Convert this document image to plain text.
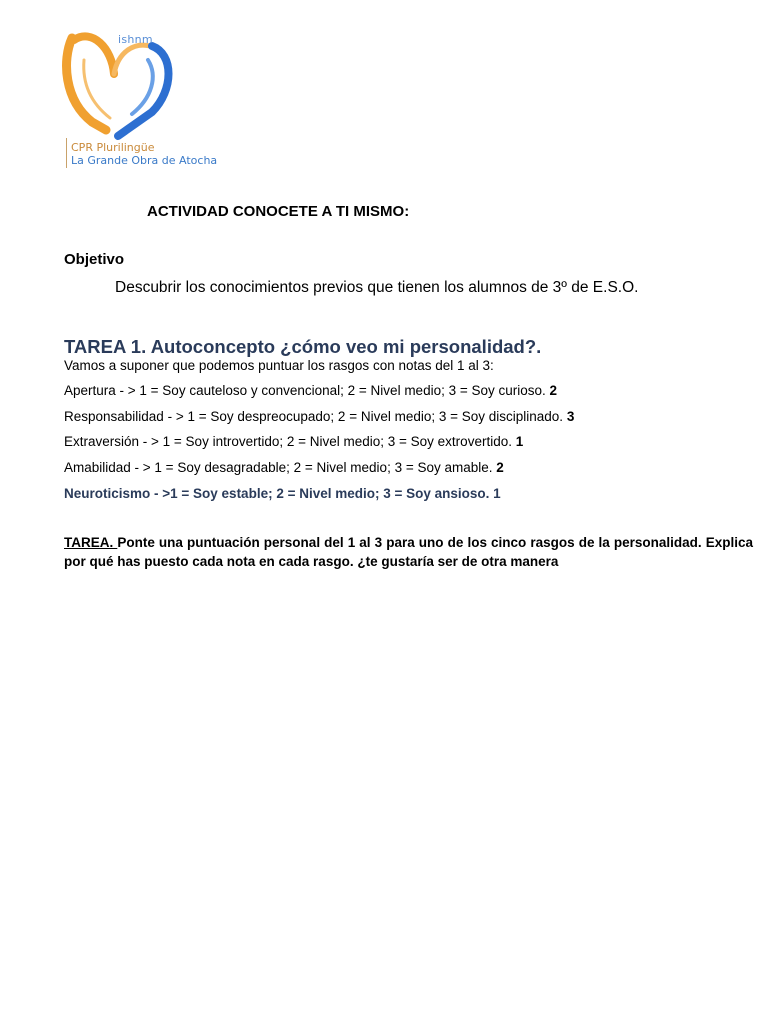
ishnm
CPR Plurilingüe
La Grande Obra de Atocha
ACTIVIDAD CONOCETE A TI MISMO:
Objetivo
Descubrir los conocimientos previos que tienen los alumnos de 3º de E.S.O.
TAREA 1. Autoconcepto ¿cómo veo mi personalidad?.
Vamos a suponer que podemos puntuar los rasgos con notas del 1 al 3:
Apertura - > 1 = Soy cauteloso y convencional; 2 = Nivel medio; 3 = Soy curioso. 2
Responsabilidad - > 1 = Soy despreocupado; 2 = Nivel medio; 3 = Soy disciplinado. 3
Extraversión - > 1 = Soy introvertido; 2 = Nivel medio; 3 = Soy extrovertido. 1
Amabilidad - > 1 = Soy desagradable; 2 = Nivel medio; 3 = Soy amable. 2
Neuroticismo - >1 = Soy estable; 2 = Nivel medio; 3 = Soy ansioso. 1
TAREA. Ponte una puntuación personal del 1 al 3 para uno de los cinco rasgos de la personalidad. Explica por qué has puesto cada nota en cada rasgo. ¿te gustaría ser de otra manera
